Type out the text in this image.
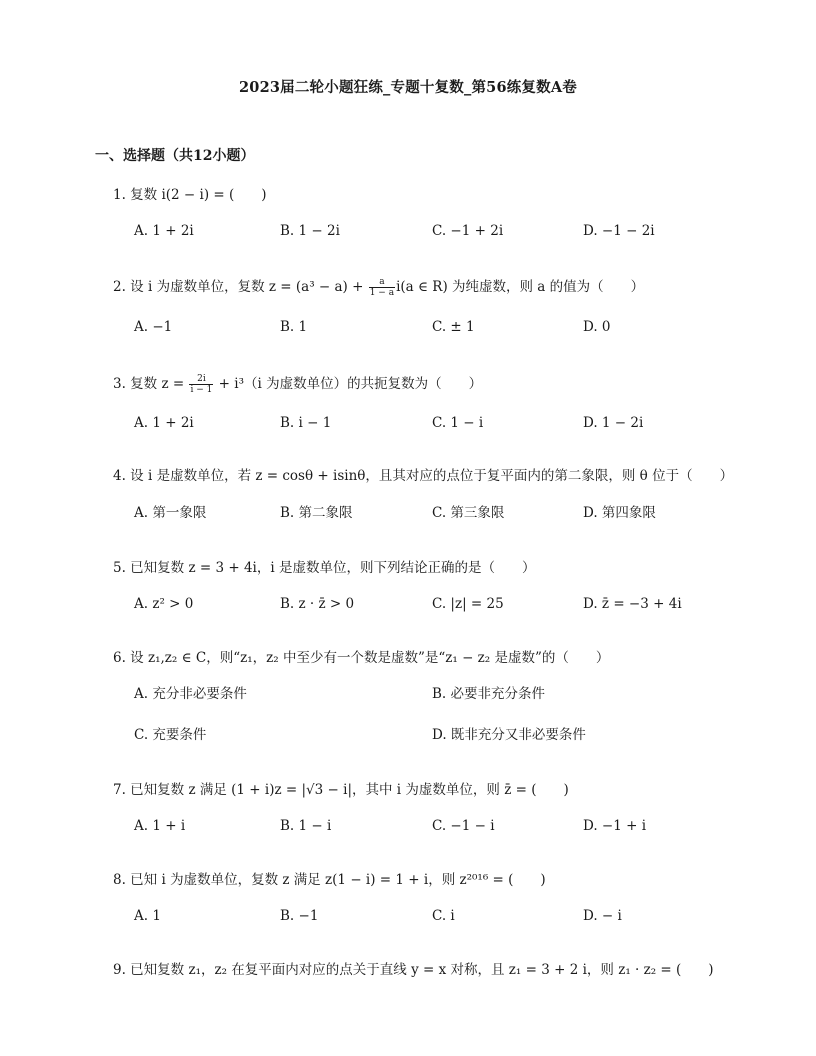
2023届二轮小题狂练_专题十复数_第56练复数A卷
一、选择题（共12小题）
1. 复数 i(2 − i) = (　　)
A. 1 + 2i	B. 1 − 2i	C. −1 + 2i	D. −1 − 2i
2. 设 i 为虚数单位，复数 $z = (a^3 - a) + \frac{a}{1 - a} i(a$ ∈ R) 为纯虚数，则 a 的值为（　　）
A. −1	B. 1	C. ± 1	D. 0
3. 复数 $z = \frac{2i}{i - 1} + i^3(i$ 为虚数单位）的共扼复数为（　　）
A. 1 + 2i	B. i − 1	C. 1 − i	D. 1 − 2i
4. 设 i 是虚数单位，若 z = cosθ + isinθ，且其对应的点位于复平面内的第二象限，则 θ 位于（　　）
A. 第一象限	B. 第二象限	C. 第三象限	D. 第四象限
5. 已知复数 z = 3 + 4i，i 是虚数单位，则下列结论正确的是（　　）
A. z² > 0	B. z · z̄ > 0	C. |z| = 25	D. z̄ = −3 + 4i
6. 设 z₁,z₂ ∈ C，则“z₁，z₂ 中至少有一个数是虚数”是“z₁ − z₂ 是虚数”的（　　）
A. 充分非必要条件	B. 必要非充分条件
C. 充要条件	D. 既非充分又非必要条件
7. 已知复数 z 满足 (1 + i)z = |√3 − i|，其中 i 为虚数单位，则 z̄ = (　　)
A. 1 + i	B. 1 − i	C. −1 − i	D. −1 + i
8. 已知 i 为虚数单位，复数 z 满足 z(1 − i) = 1 + i，则 z²⁰¹⁶ = (　　)
A. 1	B. −1	C. i	D. − i
9. 已知复数 z₁，z₂ 在复平面内对应的点关于直线 y = x 对称，且 z₁ = 3 + 2 i，则 z₁ · z₂ = (　　)
